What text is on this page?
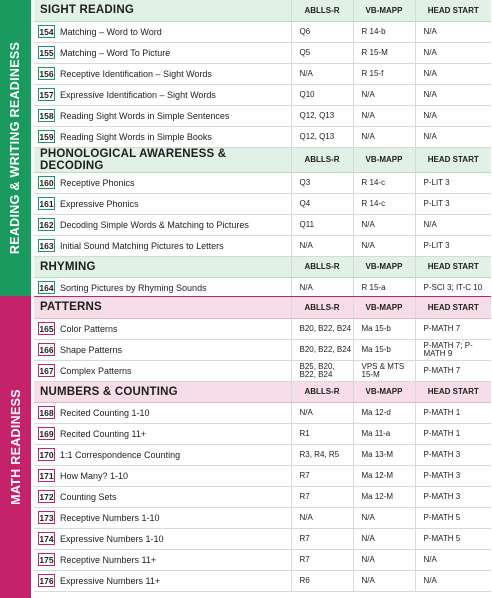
READING & WRITING READINESS
MATH READINESS
SIGHT READING	ABLLS-R	VB-MAPP	HEAD START
154 Matching – Word to Word	Q6	R 14-b	N/A
155 Matching – Word To Picture	Q5	R 15-M	N/A
156 Receptive Identification – Sight Words	N/A	R 15-f	N/A
157 Expressive Identification – Sight Words	Q10	N/A	N/A
158 Reading Sight Words in Simple Sentences	Q12, Q13	N/A	N/A
159 Reading Sight Words in Simple Books	Q12, Q13	N/A	N/A
PHONOLOGICAL AWARENESS & DECODING	ABLLS-R	VB-MAPP	HEAD START
160 Receptive Phonics	Q3	R 14-c	P-LIT 3
161 Expressive Phonics	Q4	R 14-c	P-LIT 3
162 Decoding Simple Words & Matching to Pictures	Q11	N/A	N/A
163 Initial Sound Matching Pictures to Letters	N/A	N/A	P-LIT 3
RHYMING	ABLLS-R	VB-MAPP	HEAD START
164 Sorting Pictures by Rhyming Sounds	N/A	R 15-a	P-SCI 3; IT-C 10
PATTERNS	ABLLS-R	VB-MAPP	HEAD START
165 Color Patterns	B20, B22, B24	Ma 15-b	P-MATH 7
166 Shape Patterns	B20, B22, B24	Ma 15-b	P-MATH 7; P-MATH 9
167 Complex Patterns	B25, B20, B22, B24	VPS & MTS 15-M	P-MATH 7
NUMBERS & COUNTING	ABLLS-R	VB-MAPP	HEAD START
168 Recited Counting 1-10	N/A	Ma 12-d	P-MATH 1
169 Recited Counting 11+	R1	Ma 11-a	P-MATH 1
170 1:1 Correspondence Counting	R3, R4, R5	Ma 13-M	P-MATH 3
171 How Many? 1-10	R7	Ma 12-M	P-MATH 3
172 Counting Sets	R7	Ma 12-M	P-MATH 3
173 Receptive Numbers 1-10	N/A	N/A	P-MATH 5
174 Expressive Numbers 1-10	R7	N/A	P-MATH 5
175 Receptive Numbers 11+	R7	N/A	N/A
176 Expressive Numbers 11+	R6	N/A	N/A
